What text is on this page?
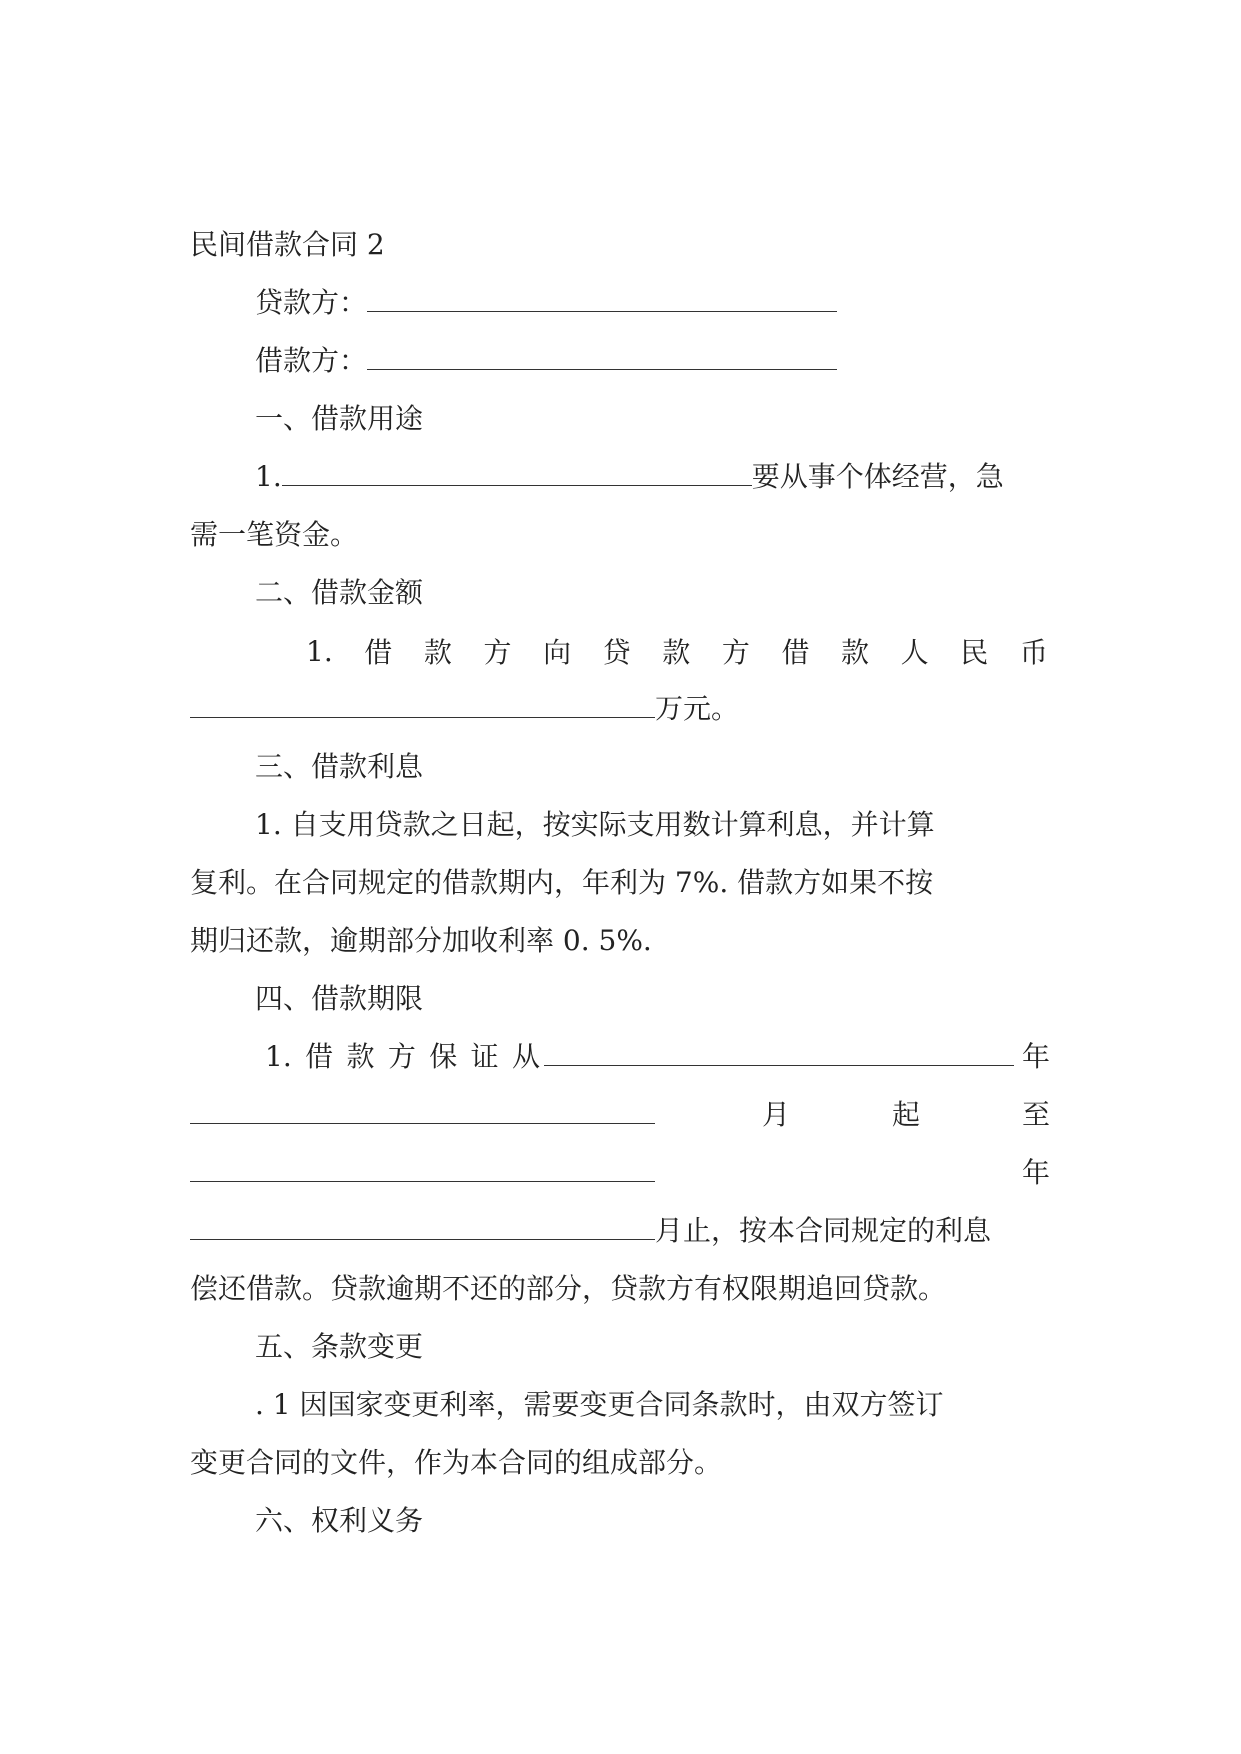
民间借款合同 2
贷款方：
借款方：
一、借款用途
1.	要从事个体经营，急
需一笔资金。
二、借款金额
1. 借 款 方 向 贷 款 方 借 款 人 民 币
万元。
三、借款利息
1. 自支用贷款之日起，按实际支用数计算利息，并计算
复利。在合同规定的借款期内，年利为 7%. 借款方如果不按
期归还款，逾期部分加收利率 0. 5%.
四、借款期限
1. 借 款 方 保 证 从	年
月	起	至
年
月止，按本合同规定的利息
偿还借款。贷款逾期不还的部分，贷款方有权限期追回贷款。
五、条款变更
. 1 因国家变更利率，需要变更合同条款时，由双方签订
变更合同的文件，作为本合同的组成部分。
六、权利义务
